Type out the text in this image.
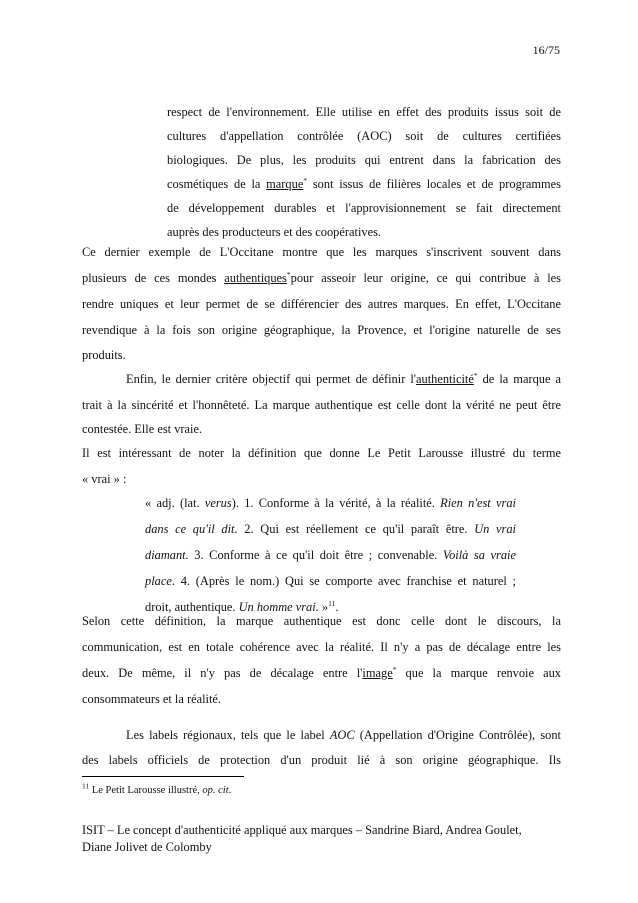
16/75
respect de l'environnement. Elle utilise en effet des produits issus soit de
cultures d'appellation contrôlée (AOC) soit de cultures certifiées
biologiques. De plus, les produits qui entrent dans la fabrication des
cosmétiques de la marque* sont issus de filières locales et de programmes
de développement durables et l'approvisionnement se fait directement
auprès des producteurs et des coopératives.
Ce dernier exemple de L'Occitane montre que les marques s'inscrivent souvent dans
plusieurs de ces mondes authentiques*pour asseoir leur origine, ce qui contribue à les
rendre uniques et leur permet de se différencier des autres marques. En effet, L'Occitane
revendique à la fois son origine géographique, la Provence, et l'origine naturelle de ses
produits.
Enfin, le dernier critère objectif qui permet de définir l'authenticité* de la marque a
trait à la sincérité et l'honnêteté. La marque authentique est celle dont la vérité ne peut être
contestée. Elle est vraie.
Il est intéressant de noter la définition que donne Le Petit Larousse illustré du terme
« vrai » :
« adj. (lat. verus). 1. Conforme à la vérité, à la réalité. Rien n'est vrai
dans ce qu'il dit. 2. Qui est réellement ce qu'il paraît être. Un vrai
diamant. 3. Conforme à ce qu'il doit être ; convenable. Voilà sa vraie
place. 4. (Après le nom.) Qui se comporte avec franchise et naturel ;
droit, authentique. Un homme vrai. »$^{11}$.
Selon cette définition, la marque authentique est donc celle dont le discours, la
communication, est en totale cohérence avec la réalité. Il n'y a pas de décalage entre les
deux. De même, il n'y pas de décalage entre l'image* que la marque renvoie aux
consommateurs et la réalité.
Les labels régionaux, tels que le label AOC (Appellation d'Origine Contrôlée), sont
des labels officiels de protection d'un produit lié à son origine géographique. Ils
$^{11}$ Le Petit Larousse illustré, op. cit.
ISIT – Le concept d'authenticité appliqué aux marques – Sandrine Biard, Andrea Goulet,
Diane Jolivet de Colomby
